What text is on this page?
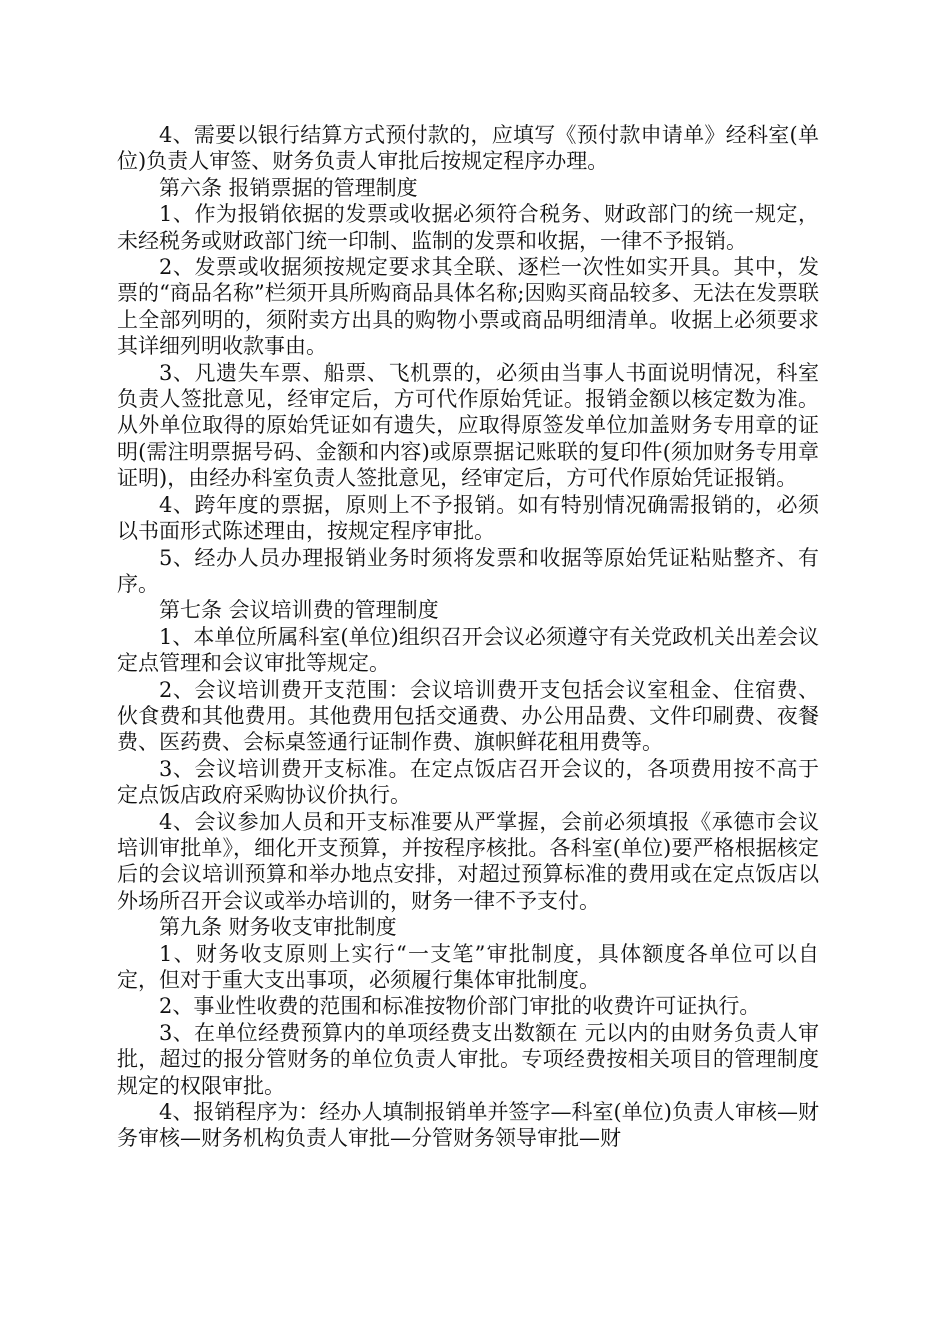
4、需要以银行结算方式预付款的，应填写《预付款申请单》经科室(单位)负责人审签、财务负责人审批后按规定程序办理。

第六条 报销票据的管理制度

1、作为报销依据的发票或收据必须符合税务、财政部门的统一规定，未经税务或财政部门统一印制、监制的发票和收据，一律不予报销。

2、发票或收据须按规定要求其全联、逐栏一次性如实开具。其中，发票的“商品名称”栏须开具所购商品具体名称;因购买商品较多、无法在发票联上全部列明的，须附卖方出具的购物小票或商品明细清单。收据上必须要求其详细列明收款事由。

3、凡遗失车票、船票、飞机票的，必须由当事人书面说明情况，科室负责人签批意见，经审定后，方可代作原始凭证。报销金额以核定数为准。从外单位取得的原始凭证如有遗失，应取得原签发单位加盖财务专用章的证明(需注明票据号码、金额和内容)或原票据记账联的复印件(须加财务专用章证明)，由经办科室负责人签批意见，经审定后，方可代作原始凭证报销。

4、跨年度的票据，原则上不予报销。如有特别情况确需报销的，必须以书面形式陈述理由，按规定程序审批。

5、经办人员办理报销业务时须将发票和收据等原始凭证粘贴整齐、有序。

第七条 会议培训费的管理制度

1、本单位所属科室(单位)组织召开会议必须遵守有关党政机关出差会议定点管理和会议审批等规定。

2、会议培训费开支范围：会议培训费开支包括会议室租金、住宿费、伙食费和其他费用。其他费用包括交通费、办公用品费、文件印刷费、夜餐费、医药费、会标桌签通行证制作费、旗帜鲜花租用费等。

3、会议培训费开支标准。在定点饭店召开会议的，各项费用按不高于定点饭店政府采购协议价执行。

4、会议参加人员和开支标准要从严掌握，会前必须填报《承德市会议培训审批单》，细化开支预算，并按程序核批。各科室(单位)要严格根据核定后的会议培训预算和举办地点安排，对超过预算标准的费用或在定点饭店以外场所召开会议或举办培训的，财务一律不予支付。

第九条 财务收支审批制度

1、财务收支原则上实行“一支笔”审批制度，具体额度各单位可以自定，但对于重大支出事项，必须履行集体审批制度。

2、事业性收费的范围和标准按物价部门审批的收费许可证执行。

3、在单位经费预算内的单项经费支出数额在 元以内的由财务负责人审批，超过的报分管财务的单位负责人审批。专项经费按相关项目的管理制度规定的权限审批。

4、报销程序为：经办人填制报销单并签字—科室(单位)负责人审核—财务审核—财务机构负责人审批—分管财务领导审批—财
